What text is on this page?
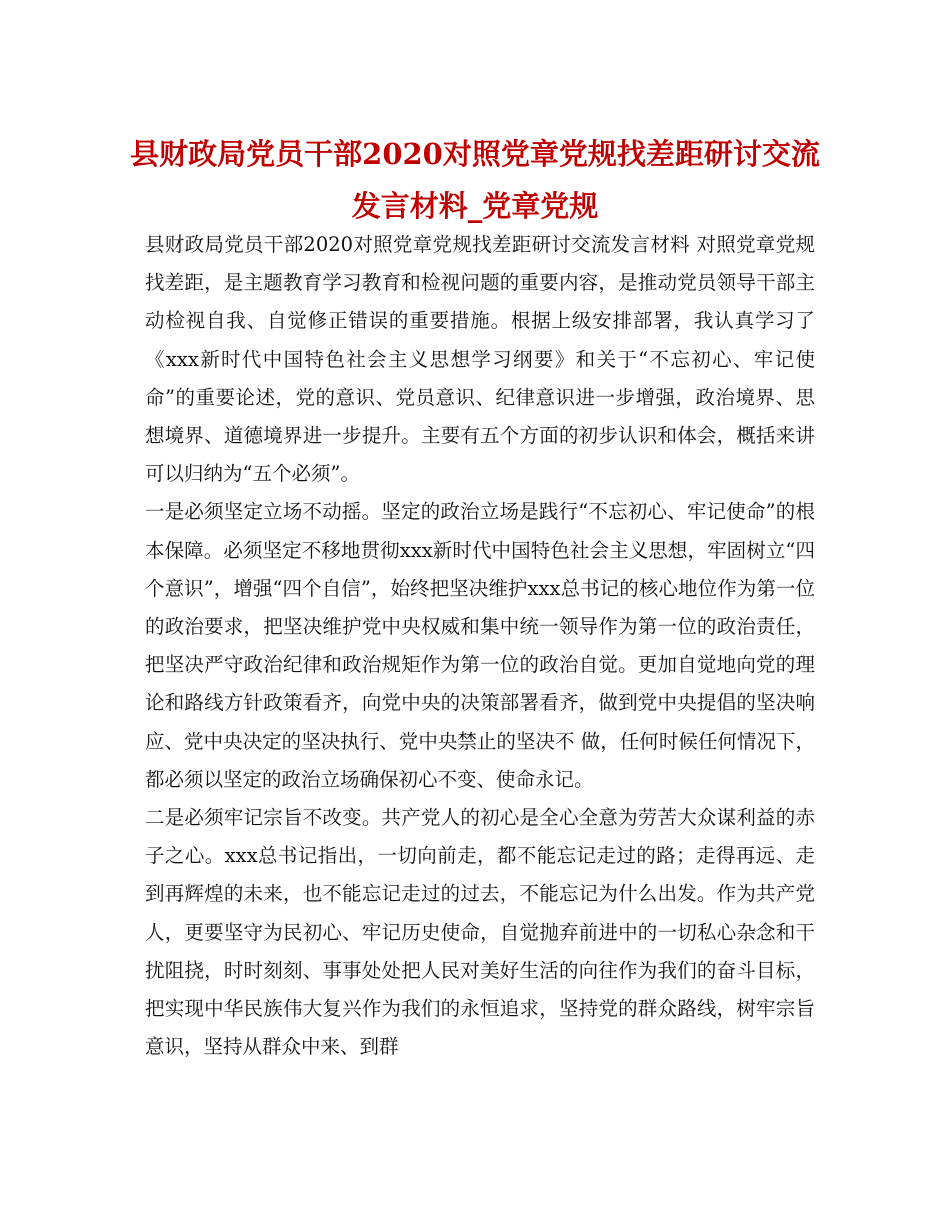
县财政局党员干部2020对照党章党规找差距研讨交流
发言材料_党章党规

县财政局党员干部2020对照党章党规找差距研讨交流发言材料 对照党章党规找差距，是主题教育学习教育和检视问题的重要内容，是推动党员领导干部主动检视自我、自觉修正错误的重要措施。根据上级安排部署，我认真学习了《xxx新时代中国特色社会主义思想学习纲要》和关于“不忘初心、牢记使命”的重要论述，党的意识、党员意识、纪律意识进一步增强，政治境界、思想境界、道德境界进一步提升。主要有五个方面的初步认识和体会，概括来讲可以归纳为“五个必须”。

一是必须坚定立场不动摇。坚定的政治立场是践行“不忘初心、牢记使命”的根本保障。必须坚定不移地贯彻xxx新时代中国特色社会主义思想，牢固树立“四个意识”，增强“四个自信”，始终把坚决维护xxx总书记的核心地位作为第一位的政治要求，把坚决维护党中央权威和集中统一领导作为第一位的政治责任，把坚决严守政治纪律和政治规矩作为第一位的政治自觉。更加自觉地向党的理论和路线方针政策看齐，向党中央的决策部署看齐，做到党中央提倡的坚决响应、党中央决定的坚决执行、党中央禁止的坚决不 做，任何时候任何情况下，都必须以坚定的政治立场确保初心不变、使命永记。

二是必须牢记宗旨不改变。共产党人的初心是全心全意为劳苦大众谋利益的赤子之心。xxx总书记指出，一切向前走，都不能忘记走过的路；走得再远、走到再辉煌的未来，也不能忘记走过的过去，不能忘记为什么出发。作为共产党人，更要坚守为民初心、牢记历史使命，自觉抛弃前进中的一切私心杂念和干扰阻挠，时时刻刻、事事处处把人民对美好生活的向往作为我们的奋斗目标，把实现中华民族伟大复兴作为我们的永恒追求，坚持党的群众路线，树牢宗旨意识，坚持从群众中来、到群
